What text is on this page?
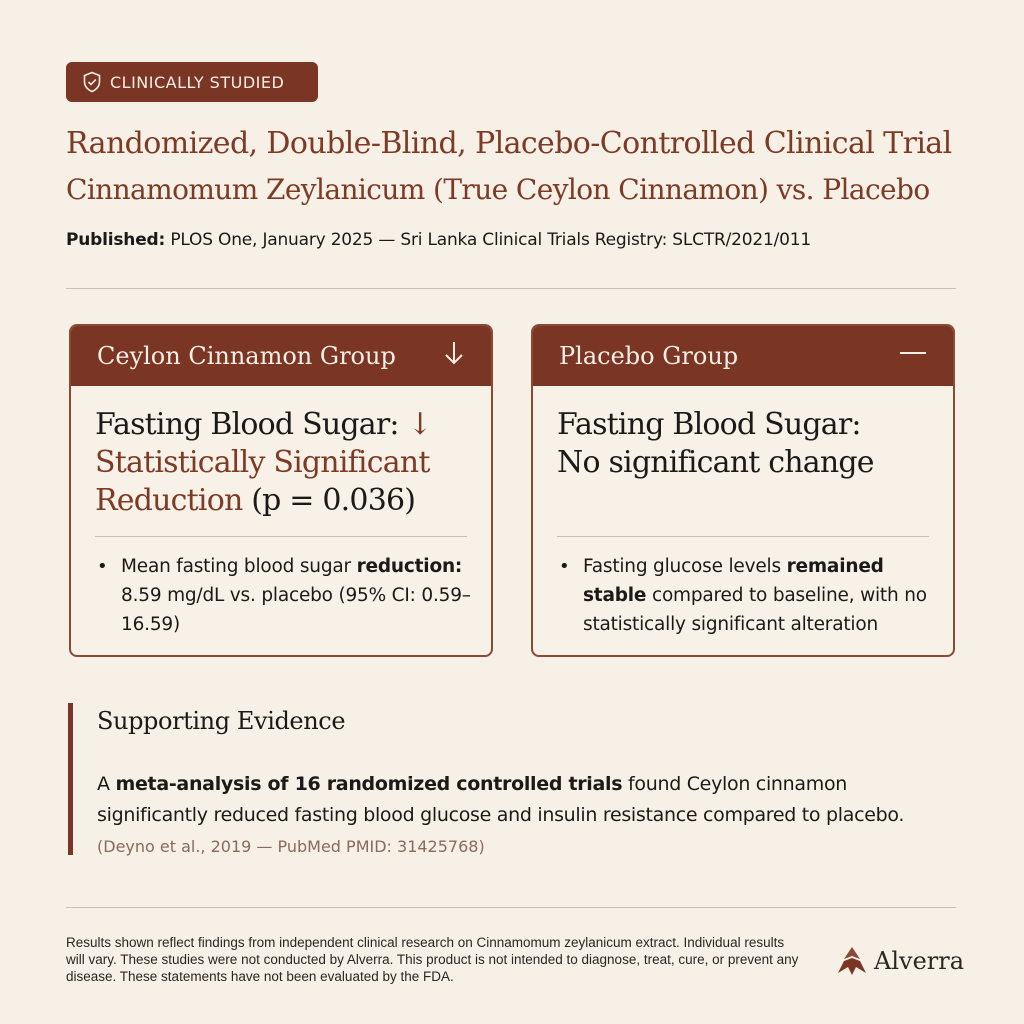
CLINICALLY STUDIED
Randomized, Double-Blind, Placebo-Controlled Clinical Trial
Cinnamomum Zeylanicum (True Ceylon Cinnamon) vs. Placebo
Published: PLOS One, January 2025 — Sri Lanka Clinical Trials Registry: SLCTR/2021/011
Ceylon Cinnamon Group
Fasting Blood Sugar: ↓ Statistically Significant Reduction (p = 0.036)
• Mean fasting blood sugar reduction: 8.59 mg/dL vs. placebo (95% CI: 0.59–16.59)
Placebo Group
Fasting Blood Sugar:
No significant change
• Fasting glucose levels remained stable compared to baseline, with no statistically significant alteration
Supporting Evidence
A meta-analysis of 16 randomized controlled trials found Ceylon cinnamon significantly reduced fasting blood glucose and insulin resistance compared to placebo.
(Deyno et al., 2019 — PubMed PMID: 31425768)
Results shown reflect findings from independent clinical research on Cinnamomum zeylanicum extract. Individual results will vary. These studies were not conducted by Alverra. This product is not intended to diagnose, treat, cure, or prevent any disease. These statements have not been evaluated by the FDA.
Alverra
